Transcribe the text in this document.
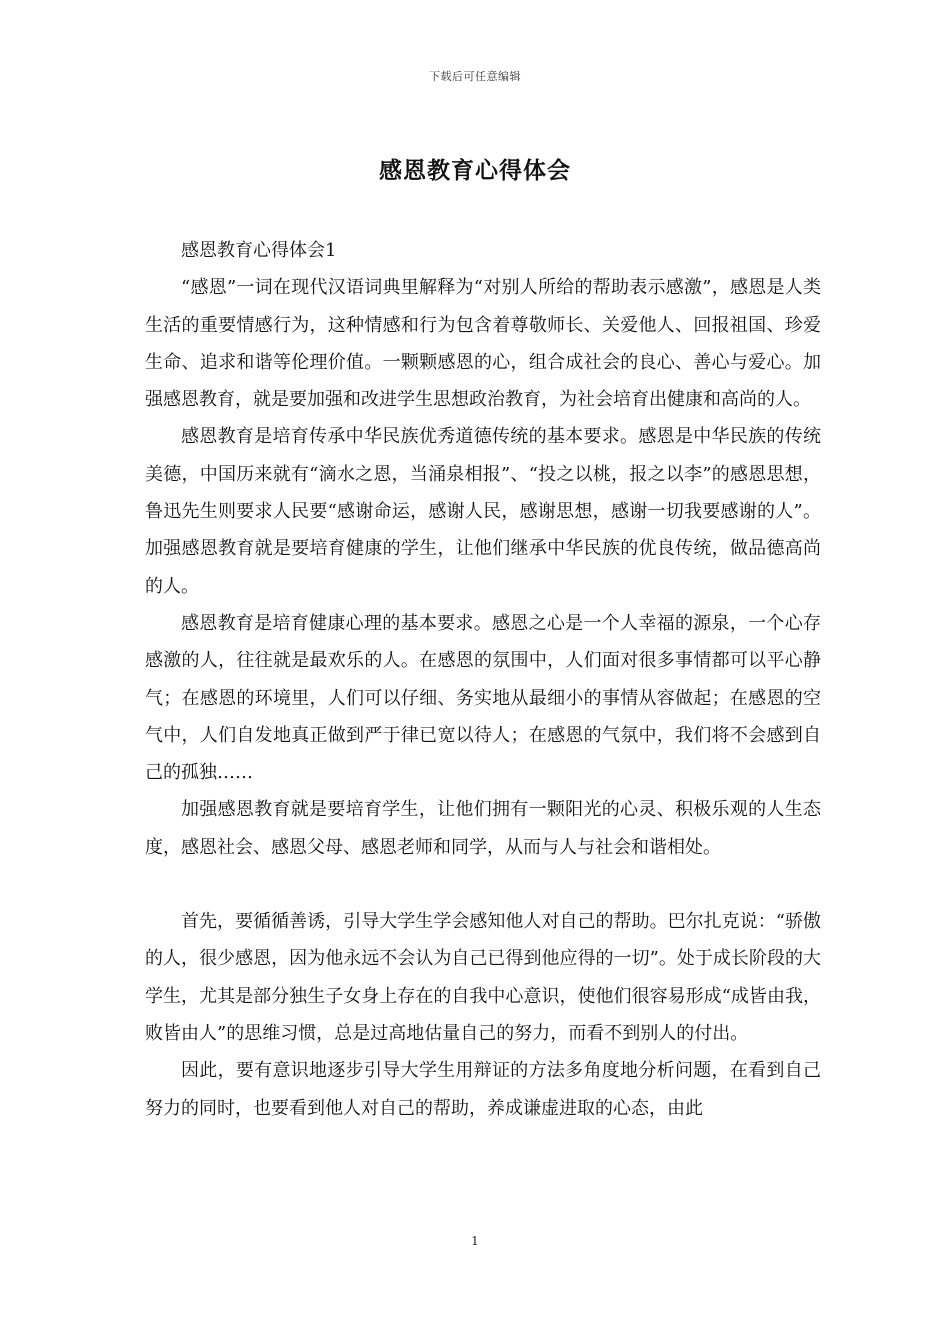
下载后可任意编辑
感恩教育心得体会

感恩教育心得体会1

“感恩”一词在现代汉语词典里解释为“对别人所给的帮助表示感激”，感恩是人类生活的重要情感行为，这种情感和行为包含着尊敬师长、关爱他人、回报祖国、珍爱生命、追求和谐等伦理价值。一颗颗感恩的心，组合成社会的良心、善心与爱心。加强感恩教育，就是要加强和改进学生思想政治教育，为社会培育出健康和高尚的人。

感恩教育是培育传承中华民族优秀道德传统的基本要求。感恩是中华民族的传统美德，中国历来就有“滴水之恩，当涌泉相报”、“投之以桃，报之以李”的感恩思想，鲁迅先生则要求人民要“感谢命运，感谢人民，感谢思想，感谢一切我要感谢的人”。加强感恩教育就是要培育健康的学生，让他们继承中华民族的优良传统，做品德高尚的人。

感恩教育是培育健康心理的基本要求。感恩之心是一个人幸福的源泉，一个心存感激的人，往往就是最欢乐的人。在感恩的氛围中，人们面对很多事情都可以平心静气；在感恩的环境里，人们可以仔细、务实地从最细小的事情从容做起；在感恩的空气中，人们自发地真正做到严于律已宽以待人；在感恩的气氛中，我们将不会感到自己的孤独……

加强感恩教育就是要培育学生，让他们拥有一颗阳光的心灵、积极乐观的人生态度，感恩社会、感恩父母、感恩老师和同学，从而与人与社会和谐相处。

首先，要循循善诱，引导大学生学会感知他人对自己的帮助。巴尔扎克说：“骄傲的人，很少感恩，因为他永远不会认为自己已得到他应得的一切”。处于成长阶段的大学生，尤其是部分独生子女身上存在的自我中心意识，使他们很容易形成“成皆由我，败皆由人”的思维习惯，总是过高地估量自己的努力，而看不到别人的付出。

因此，要有意识地逐步引导大学生用辩证的方法多角度地分析问题，在看到自己努力的同时，也要看到他人对自己的帮助，养成谦虚进取的心态，由此

1
